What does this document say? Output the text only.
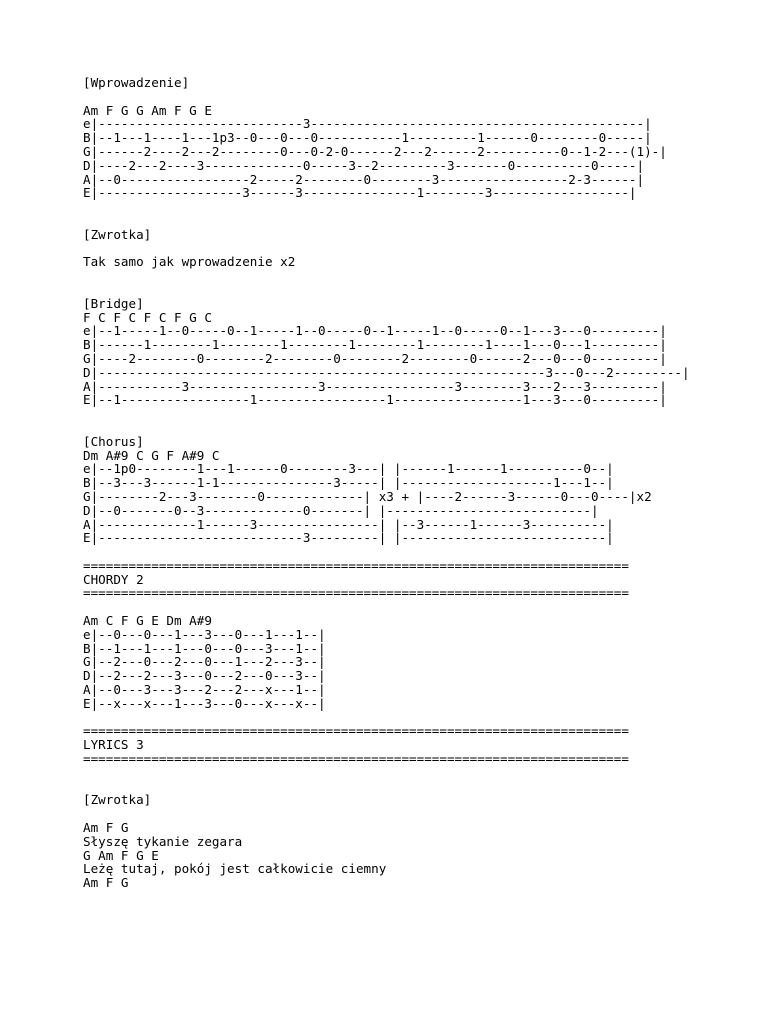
[Wprowadzenie]
Am F G G Am F G E
e|---------------------------3--------------------------------------------|
B|--1---1----1---1p3--0---0---0-----------1---------1------0--------0-----|
G|------2----2---2--------0---0-2-0------2---2------2----------0--1-2---(1)-|
D|----2---2----3-------------0-----3--2---------3-------0----------0-----|
A|--0-----------------2-----2--------0--------3-----------------2-3------|
E|-------------------3------3---------------1--------3------------------|
[Zwrotka]
Tak samo jak wprowadzenie x2
[Bridge]
F C F C F C F G C
e|--1-----1--0-----0--1-----1--0-----0--1-----1--0-----0--1---3---0---------|
B|------1--------1--------1--------1--------1--------1----1---0---1---------|
G|----2--------0--------2--------0--------2--------0------2---0---0---------|
D|-----------------------------------------------------------3---0---2---------|
A|-----------3-----------------3-----------------3--------3---2---3---------|
E|--1-----------------1-----------------1-----------------1---3---0---------|
[Chorus]
Dm A#9 C G F A#9 C
e|--1p0--------1---1------0--------3---| |------1------1----------0--|
B|--3---3------1-1---------------3-----| |--------------------1---1--|
G|--------2---3--------0-------------| x3 + |----2------3------0---0----|x2
D|--0-------0--3-------------0-------| |---------------------------|
A|-------------1------3----------------| |--3------1------3----------|
E|---------------------------3---------| |---------------------------|
========================================================================
CHORDY 2
========================================================================
Am C F G E Dm A#9
e|--0---0---1---3---0---1---1--|
B|--1---1---1---0---0---3---1--|
G|--2---0---2---0---1---2---3--|
D|--2---2---3---0---2---0---3--|
A|--0---3---3---2---2---x---1--|
E|--x---x---1---3---0---x---x--|
========================================================================
LYRICS 3
========================================================================
[Zwrotka]
Am F G
Słyszę tykanie zegara
G Am F G E
Leżę tutaj, pokój jest całkowicie ciemny
Am F G
